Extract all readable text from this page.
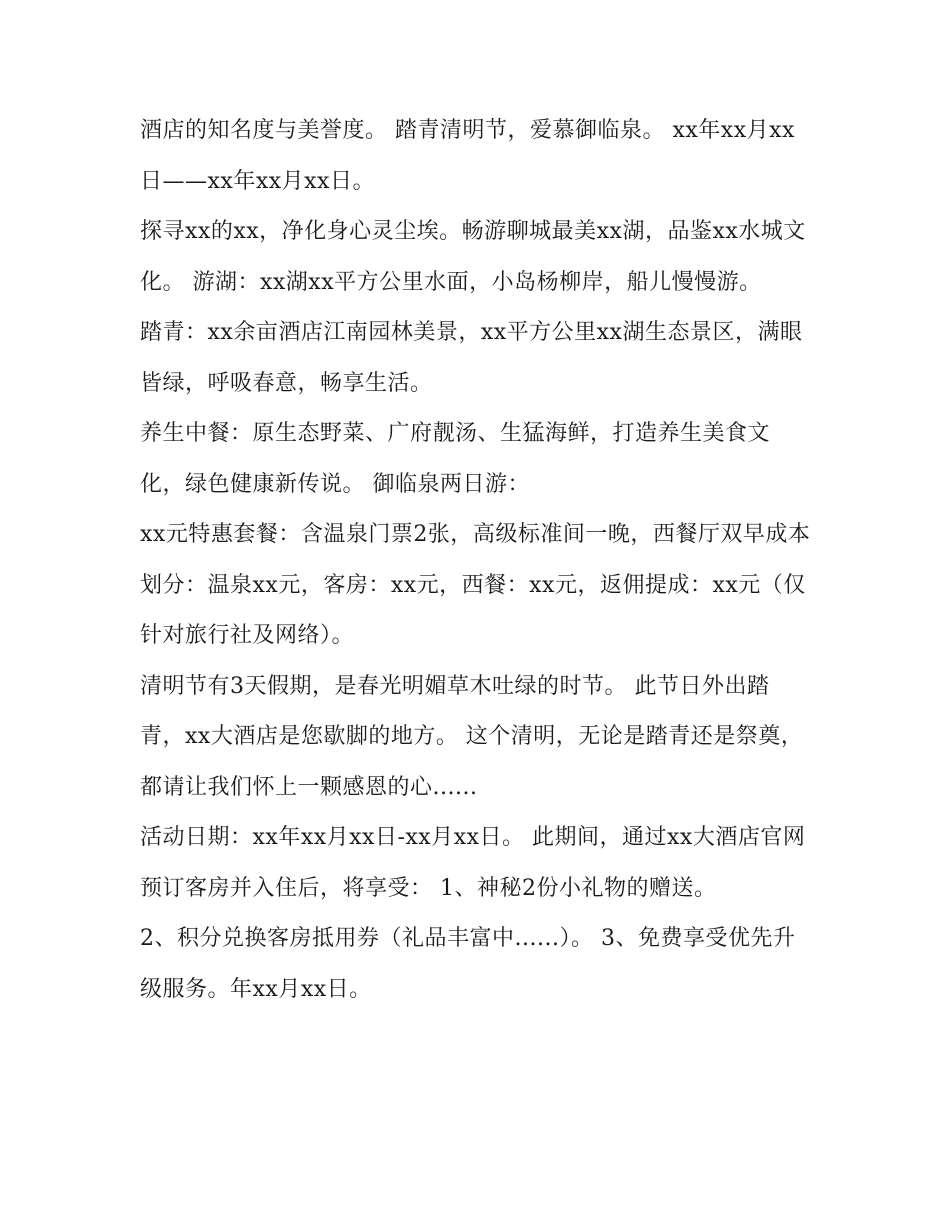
酒店的知名度与美誉度。 踏青清明节，爱慕御临泉。 xx年xx月xx日——xx年xx月xx日。

探寻xx的xx，净化身心灵尘埃。畅游聊城最美xx湖，品鉴xx水城文化。 游湖：xx湖xx平方公里水面，小岛杨柳岸，船儿慢慢游。

踏青：xx余亩酒店江南园林美景，xx平方公里xx湖生态景区，满眼皆绿，呼吸春意，畅享生活。

养生中餐：原生态野菜、广府靓汤、生猛海鲜，打造养生美食文化，绿色健康新传说。 御临泉两日游：

xx元特惠套餐：含温泉门票2张，高级标准间一晚，西餐厅双早成本划分：温泉xx元，客房：xx元，西餐：xx元，返佣提成：xx元（仅针对旅行社及网络）。

清明节有3天假期，是春光明媚草木吐绿的时节。 此节日外出踏青，xx大酒店是您歇脚的地方。 这个清明，无论是踏青还是祭奠，都请让我们怀上一颗感恩的心......

活动日期：xx年xx月xx日-xx月xx日。 此期间，通过xx大酒店官网预订客房并入住后，将享受： 1、神秘2份小礼物的赠送。

2、积分兑换客房抵用券（礼品丰富中......）。 3、免费享受优先升级服务。年xx月xx日。
